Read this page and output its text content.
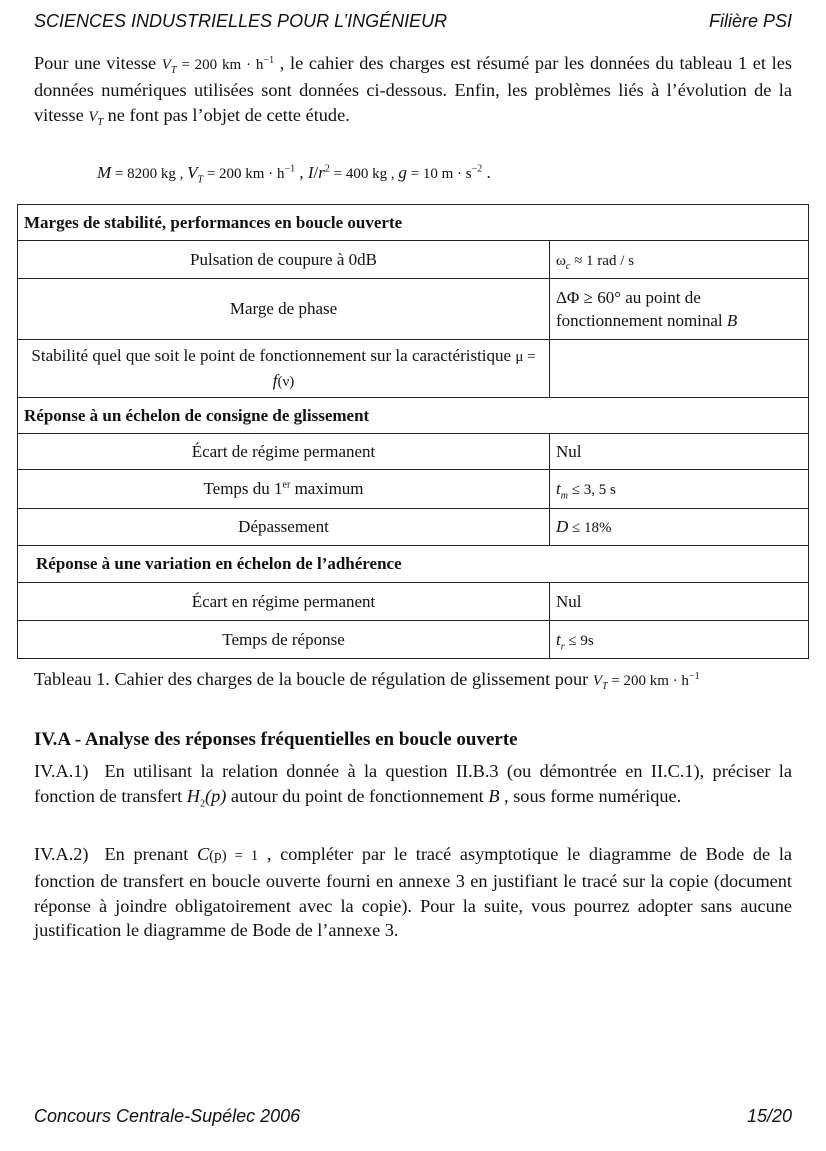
SCIENCES INDUSTRIELLES POUR L’INGÉNIEUR	Filière PSI
Pour une vitesse $V_T = 200$ km · $h^{-1}$ , le cahier des charges est résumé par les données du tableau 1 et les données numériques utilisées sont données ci-dessous. Enfin, les problèmes liés à l’évolution de la vitesse $V_T$ ne font pas l’objet de cette étude.
M = 8200 kg , $V_T = 200$ km · $h^{-1}$ , $I/r^2 = 400$ kg , g = 10 $m \cdot s^{-2}$ .
Marges de stabilité, performances en boucle ouverte	
Pulsation de coupure à 0dB	$\omega_c \approx 1$ rad / s
Marge de phase	ΔΦ ≥ 60° au point de fonctionnement nominal B
Stabilité quel que soit le point de fonctionnement sur la caractéristique μ = f(ν)	
Réponse à un échelon de consigne de glissement	
Écart de régime permanent	Nul
Temps du 1er maximum	$t_m \le 3$, 5 s
Dépassement	D ≤ 18%
Réponse à une variation en échelon de l’adhérence	
Écart en régime permanent	Nul
Temps de réponse	$t_r \le 9s$
Tableau 1. Cahier des charges de la boucle de régulation de glissement pour $V_T = 200$ km · $h^{-1}$
IV.A - Analyse des réponses fréquentielles en boucle ouverte
IV.A.1) En utilisant la relation donnée à la question II.B.3 (ou démontrée en II.C.1), préciser la fonction de transfert $H_2(p)$ autour du point de fonctionnement B , sous forme numérique.
IV.A.2) En prenant C(p) = 1 , compléter par le tracé asymptotique le diagramme de Bode de la fonction de transfert en boucle ouverte fourni en annexe 3 en justifiant le tracé sur la copie (document réponse à joindre obligatoirement avec la copie). Pour la suite, vous pourrez adopter sans aucune justification le diagramme de Bode de l’annexe 3.
Concours Centrale-Supélec 2006	15/20
